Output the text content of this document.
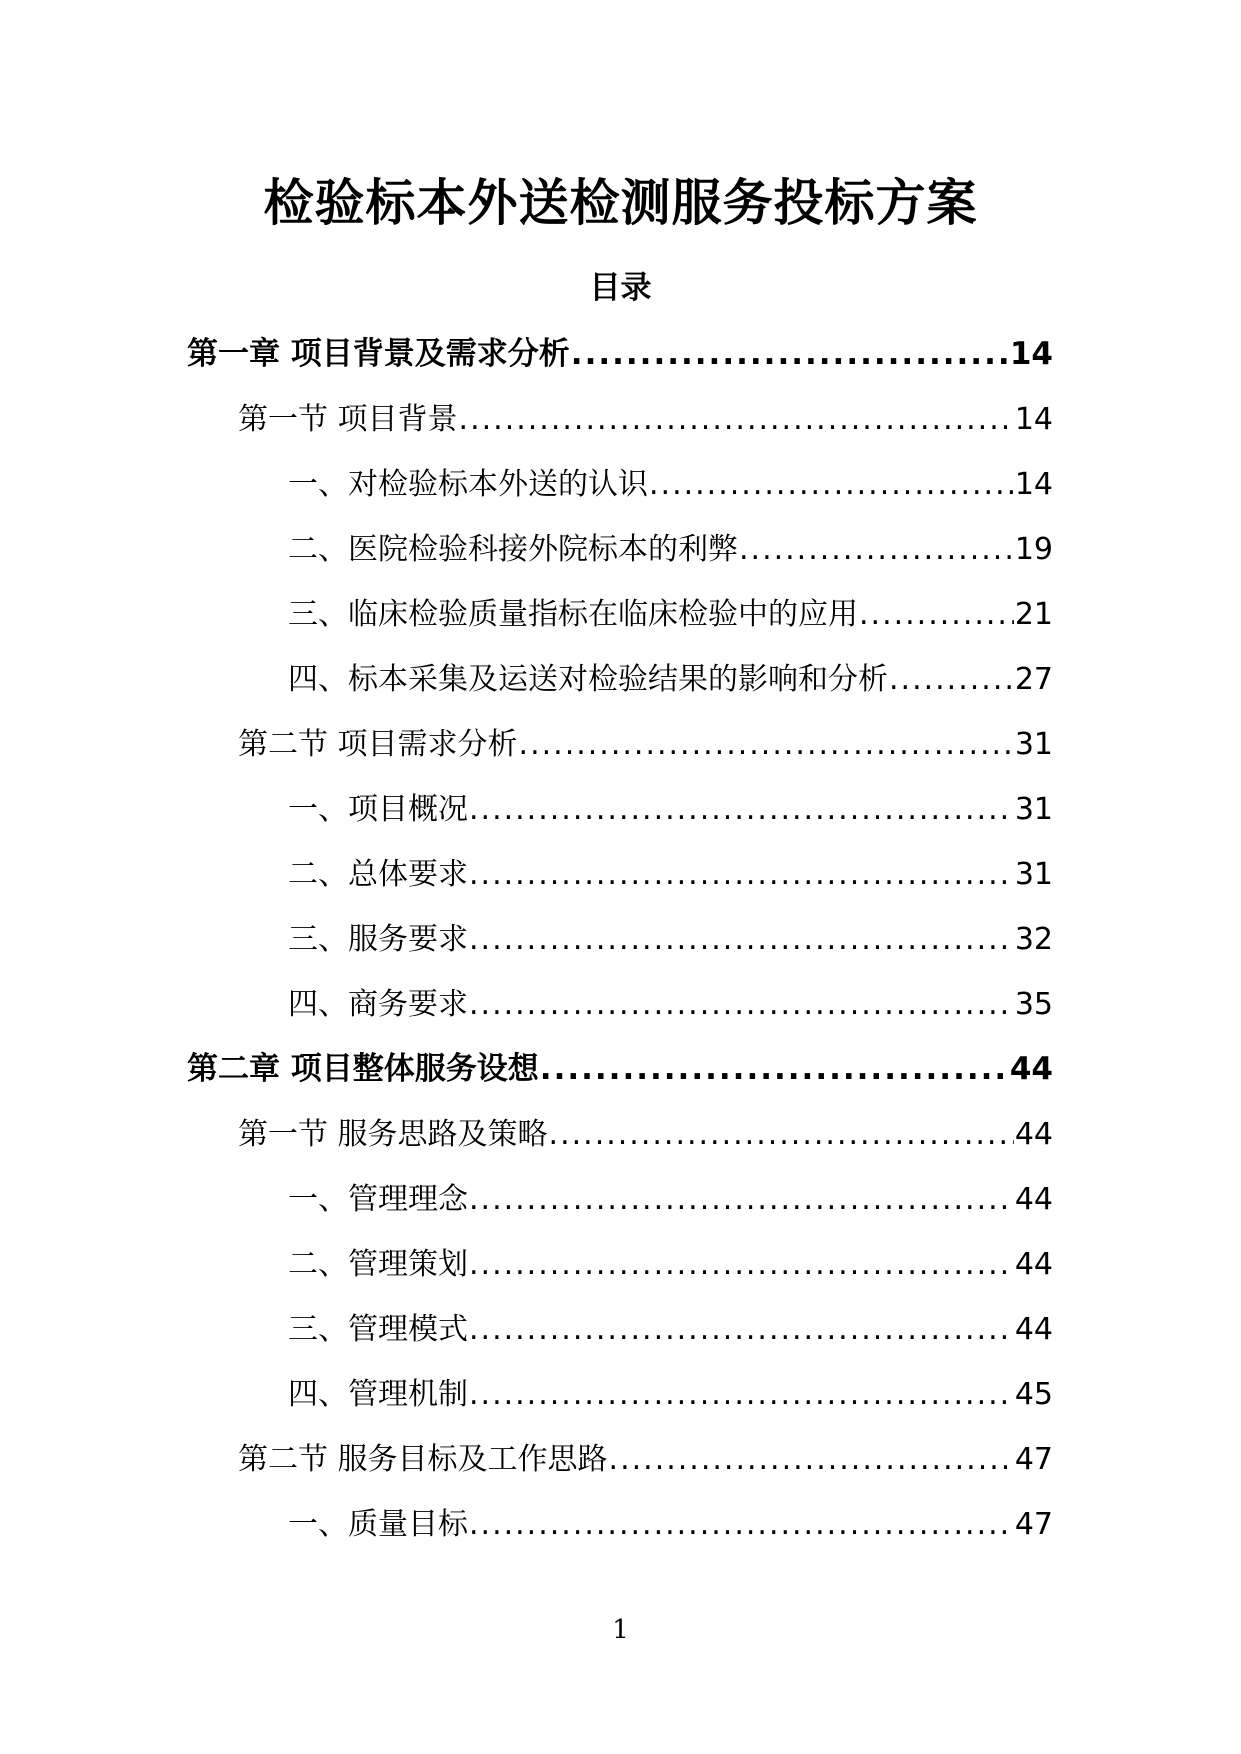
检验标本外送检测服务投标方案
目录
第一章 项目背景及需求分析 .....	14
第一节 项目背景 .....	14
一、对检验标本外送的认识 .....	14
二、医院检验科接外院标本的利弊 .....	19
三、临床检验质量指标在临床检验中的应用 .....	21
四、标本采集及运送对检验结果的影响和分析 .....	27
第二节 项目需求分析 .....	31
一、项目概况 .....	31
二、总体要求 .....	31
三、服务要求 .....	32
四、商务要求 .....	35
第二章 项目整体服务设想 .....	44
第一节 服务思路及策略 .....	44
一、管理理念 .....	44
二、管理策划 .....	44
三、管理模式 .....	44
四、管理机制 .....	45
第二节 服务目标及工作思路 .....	47
一、质量目标 .....	47
1
